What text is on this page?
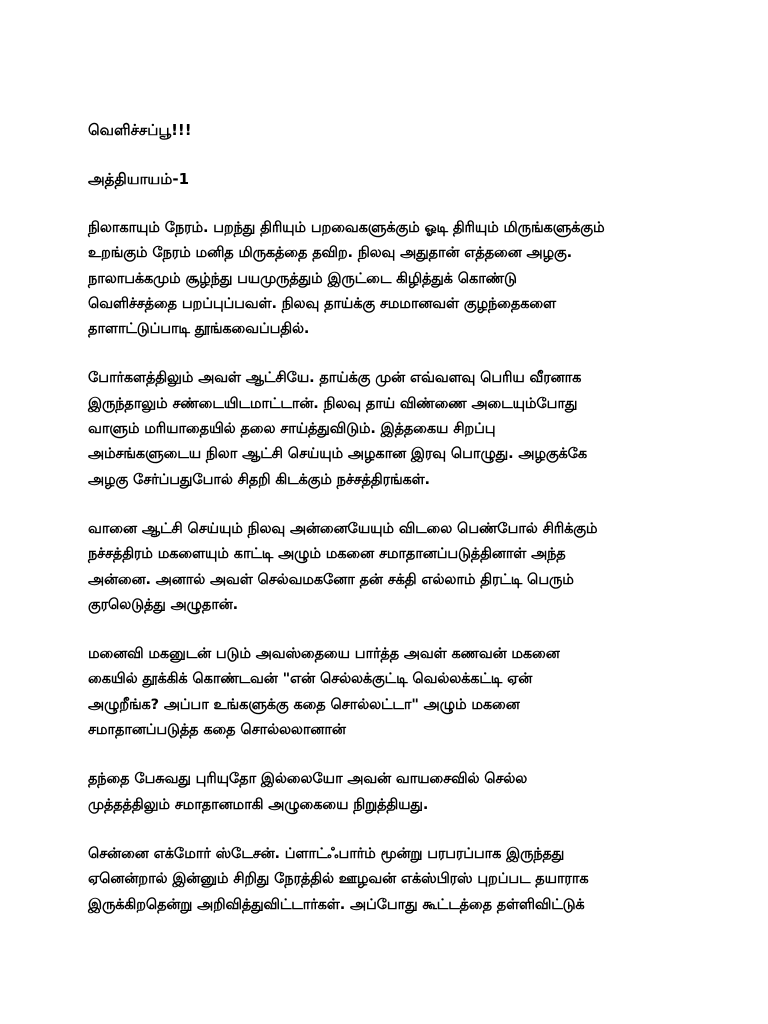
வெளிச்சப்பூ!!!
அத்தியாயம்-1
நிலாகாயும் நேரம். பறந்து திரியும் பறவைகளுக்கும் ஓடி திரியும் மிருங்களுக்கும்
உறங்கும் நேரம் மனித மிருகத்தை தவிற. நிலவு அதுதான் எத்தனை அழகு.
நாலாபக்கமும் சூழ்ந்து பயமுருத்தும் இருட்டை கிழித்துக் கொண்டு
வெளிச்சத்தை பறப்புப்பவள். நிலவு தாய்க்கு சமமானவள் குழந்தைகளை
தாளாட்டுப்பாடி தூங்கவைப்பதில்.
போர்களத்திலும் அவள் ஆட்சியே. தாய்க்கு முன் எவ்வளவு பெரிய வீரனாக
இருந்தாலும் சண்டையிடமாட்டான். நிலவு தாய் விண்ணை அடையும்போது
வாளும் மரியாதையில் தலை சாய்த்துவிடும். இத்தகைய சிறப்பு
அம்சங்களுடைய நிலா ஆட்சி செய்யும் அழகான இரவு பொழுது. அழகுக்கே
அழகு சேர்ப்பதுபோல் சிதறி கிடக்கும் நச்சத்திரங்கள்.
வானை ஆட்சி செய்யும் நிலவு அன்னையேயும் விடலை பெண்போல் சிரிக்கும்
நச்சத்திரம் மகளையும் காட்டி அழும் மகனை சமாதானப்படுத்தினாள் அந்த
அன்னை. அனால் அவள் செல்வமகனோ தன் சக்தி எல்லாம் திரட்டி பெரும்
குரலெடுத்து அழுதான்.
மனைவி மகனுடன் படும் அவஸ்தையை பார்த்த அவள் கணவன் மகனை
கையில் தூக்கிக் கொண்டவன் "என் செல்லக்குட்டி வெல்லக்கட்டி ஏன்
அழுறீங்க? அப்பா உங்களுக்கு கதை சொல்லட்டா" அழும் மகனை
சமாதானப்படுத்த கதை சொல்லலானான்
தந்தை பேசுவது புரியுதோ இல்லையோ அவன் வாயசைவில் செல்ல
முத்தத்திலும் சமாதானமாகி அழுகையை நிறுத்தியது.
சென்னை எக்மோர் ஸ்டேசன். ப்ளாட்ஃபார்ம் மூன்று பரபரப்பாக இருந்தது
ஏனென்றால் இன்னும் சிறிது நேரத்தில் ஊழவன் எக்ஸ்பிரஸ் புறப்பட தயாராக
இருக்கிறதென்று அறிவித்துவிட்டார்கள். அப்போது கூட்டத்தை தள்ளிவிட்டுக்
